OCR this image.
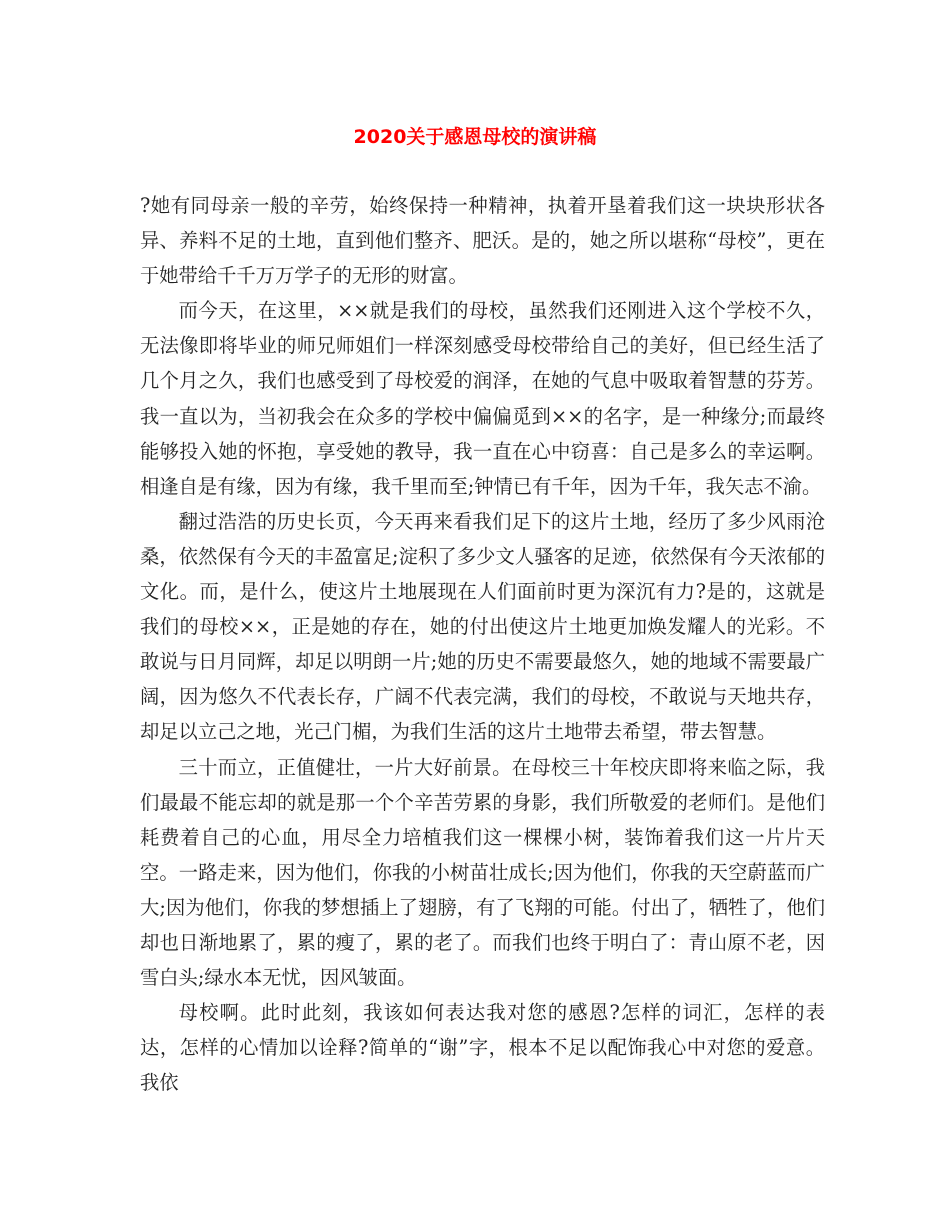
2020关于感恩母校的演讲稿

?她有同母亲一般的辛劳，始终保持一种精神，执着开垦着我们这一块块形状各异、养料不足的土地，直到他们整齐、肥沃。是的，她之所以堪称“母校”，更在于她带给千千万万学子的无形的财富。

而今天，在这里，××就是我们的母校，虽然我们还刚进入这个学校不久，无法像即将毕业的师兄师姐们一样深刻感受母校带给自己的美好，但已经生活了几个月之久，我们也感受到了母校爱的润泽，在她的气息中吸取着智慧的芬芳。我一直以为，当初我会在众多的学校中偏偏觅到××的名字，是一种缘分;而最终能够投入她的怀抱，享受她的教导，我一直在心中窃喜：自己是多么的幸运啊。相逢自是有缘，因为有缘，我千里而至;钟情已有千年，因为千年，我矢志不渝。

翻过浩浩的历史长页，今天再来看我们足下的这片土地，经历了多少风雨沧桑，依然保有今天的丰盈富足;淀积了多少文人骚客的足迹，依然保有今天浓郁的文化。而，是什么，使这片土地展现在人们面前时更为深沉有力?是的，这就是我们的母校××，正是她的存在，她的付出使这片土地更加焕发耀人的光彩。不敢说与日月同辉，却足以明朗一片;她的历史不需要最悠久，她的地域不需要最广阔，因为悠久不代表长存，广阔不代表完满，我们的母校，不敢说与天地共存，却足以立己之地，光己门楣，为我们生活的这片土地带去希望，带去智慧。

三十而立，正值健壮，一片大好前景。在母校三十年校庆即将来临之际，我们最最不能忘却的就是那一个个辛苦劳累的身影，我们所敬爱的老师们。是他们耗费着自己的心血，用尽全力培植我们这一棵棵小树，装饰着我们这一片片天空。一路走来，因为他们，你我的小树苗壮成长;因为他们，你我的天空蔚蓝而广大;因为他们，你我的梦想插上了翅膀，有了飞翔的可能。付出了，牺牲了，他们却也日渐地累了，累的瘦了，累的老了。而我们也终于明白了：青山原不老，因雪白头;绿水本无忧，因风皱面。

母校啊。此时此刻，我该如何表达我对您的感恩?怎样的词汇，怎样的表达，怎样的心情加以诠释?简单的“谢”字，根本不足以配饰我心中对您的爱意。我依
